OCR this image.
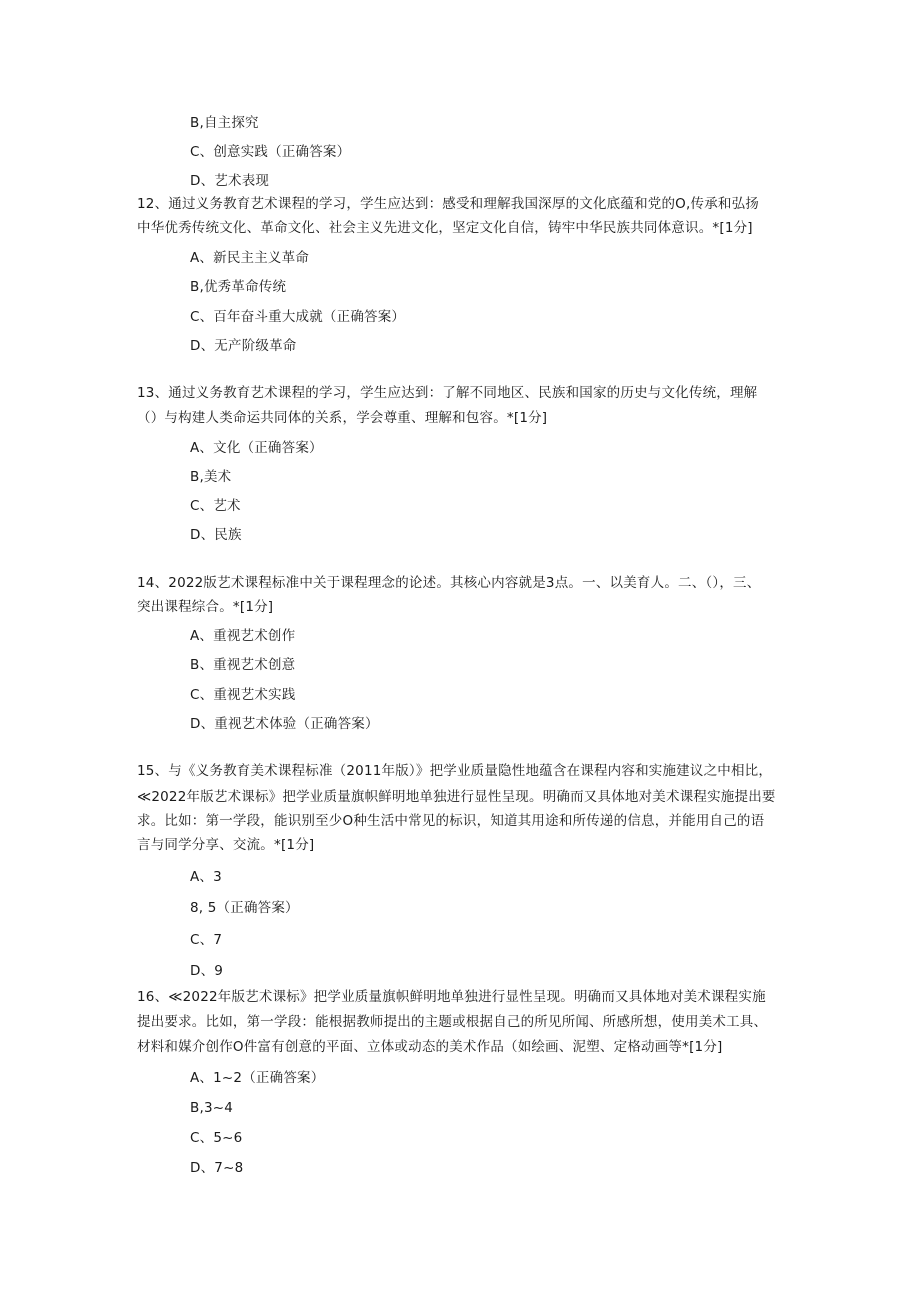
B,自主探究
C、创意实践（正确答案）
D、艺术表现
12、通过义务教育艺术课程的学习，学生应达到：感受和理解我国深厚的文化底蕴和党的O,传承和弘扬
中华优秀传统文化、革命文化、社会主义先进文化，坚定文化自信，铸牢中华民族共同体意识。*[1分]
A、新民主主义革命
B,优秀革命传统
C、百年奋斗重大成就（正确答案）
D、无产阶级革命
13、通过义务教育艺术课程的学习，学生应达到：了解不同地区、民族和国家的历史与文化传统，理解
（）与构建人类命运共同体的关系，学会尊重、理解和包容。*[1分]
A、文化（正确答案）
B,美术
C、艺术
D、民族
14、2022版艺术课程标准中关于课程理念的论述。其核心内容就是3点。一、以美育人。二、（），三、
突出课程综合。*[1分]
A、重视艺术创作
B、重视艺术创意
C、重视艺术实践
D、重视艺术体验（正确答案）
15、与《义务教育美术课程标准（2011年版）》把学业质量隐性地蕴含在课程内容和实施建议之中相比，
≪2022年版艺术课标》把学业质量旗帜鲜明地单独进行显性呈现。明确而又具体地对美术课程实施提出要
求。比如：第一学段，能识别至少O种生活中常见的标识，知道其用途和所传递的信息，并能用自己的语
言与同学分享、交流。*[1分]
A、3
8, 5（正确答案）
C、7
D、9
16、≪2022年版艺术课标》把学业质量旗帜鲜明地单独进行显性呈现。明确而又具体地对美术课程实施
提出要求。比如，第一学段：能根据教师提出的主题或根据自己的所见所闻、所感所想，使用美术工具、
材料和媒介创作O件富有创意的平面、立体或动态的美术作品（如绘画、泥塑、定格动画等*[1分]
A、1~2（正确答案）
B,3~4
C、5~6
D、7~8
